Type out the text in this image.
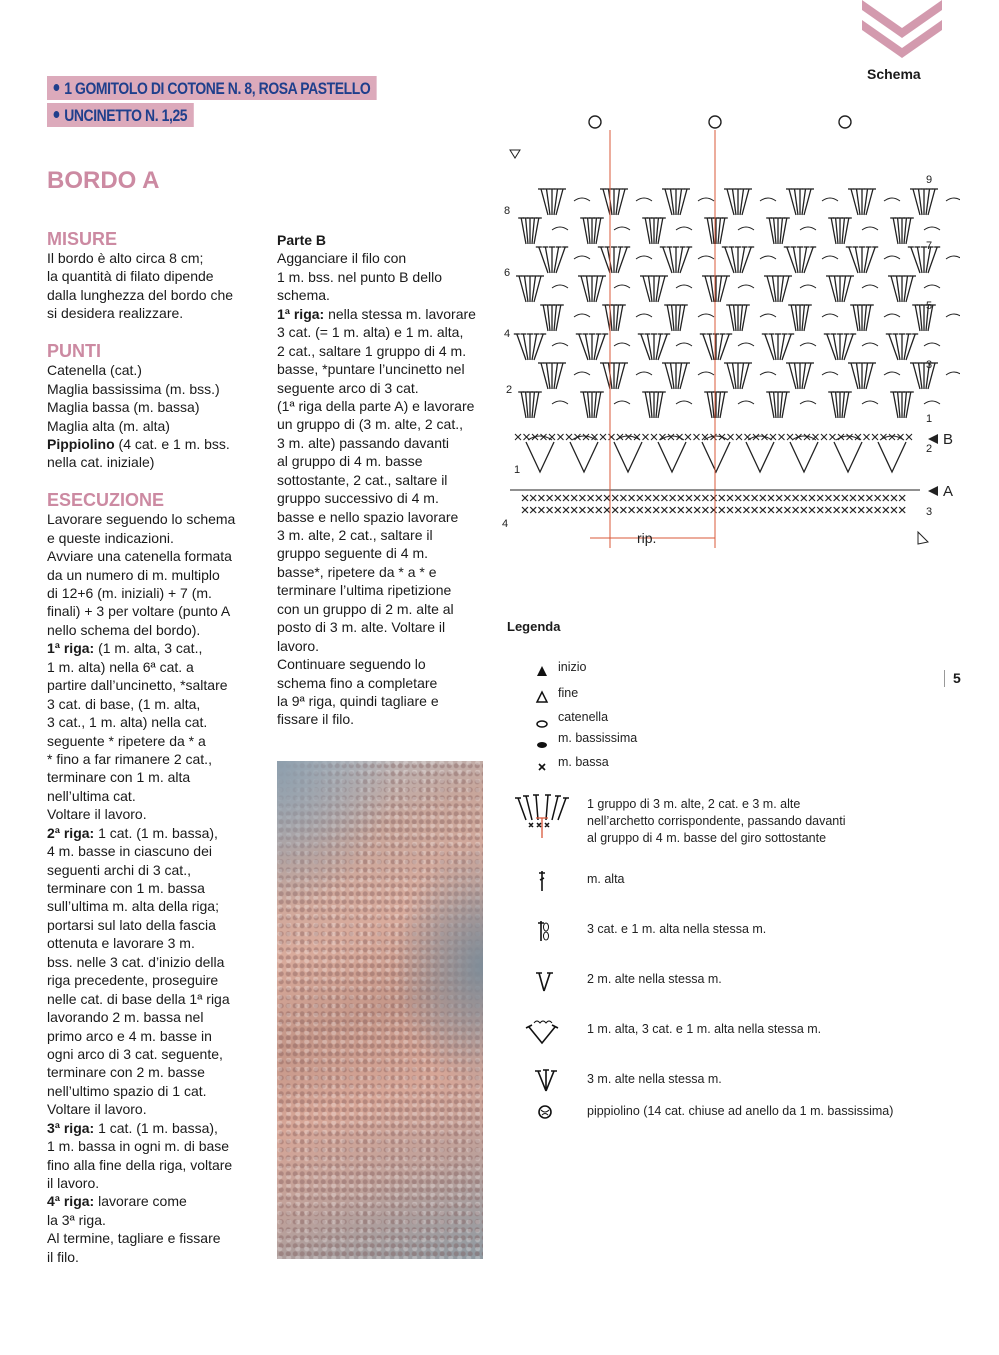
1 GOMITOLO DI COTONE N. 8, ROSA PASTELLO
UNCINETTO N. 1,25
BORDO A
MISURE
Il bordo è alto circa 8 cm;
la quantità di filato dipende
dalla lunghezza del bordo che
si desidera realizzare.
PUNTI
Catenella (cat.)
Maglia bassissima (m. bss.)
Maglia bassa (m. bassa)
Maglia alta (m. alta)
Pippiolino (4 cat. e 1 m. bss.
nella cat. iniziale)
ESECUZIONE
Lavorare seguendo lo schema
e queste indicazioni.
Avviare una catenella formata
da un numero di m. multiplo
di 12+6 (m. iniziali) + 7 (m.
finali) + 3 per voltare (punto A
nello schema del bordo).
1ª riga: (1 m. alta, 3 cat.,
1 m. alta) nella 6ª cat. a
partire dall’uncinetto, *saltare
3 cat. di base, (1 m. alta,
3 cat., 1 m. alta) nella cat.
seguente * ripetere da * a
* fino a far rimanere 2 cat.,
terminare con 1 m. alta
nell’ultima cat.
Voltare il lavoro.
2ª riga: 1 cat. (1 m. bassa),
4 m. basse in ciascuno dei
seguenti archi di 3 cat.,
terminare con 1 m. bassa
sull’ultima m. alta della riga;
portarsi sul lato della fascia
ottenuta e lavorare 3 m.
bss. nelle 3 cat. d’inizio della
riga precedente, proseguire
nelle cat. di base della 1ª riga
lavorando 2 m. bassa nel
primo arco e 4 m. basse in
ogni arco di 3 cat. seguente,
terminare con 2 m. basse
nell’ultimo spazio di 1 cat.
Voltare il lavoro.
3ª riga: 1 cat. (1 m. bassa),
1 m. bassa in ogni m. di base
fino alla fine della riga, voltare
il lavoro.
4ª riga: lavorare come
la 3ª riga.
Al termine, tagliare e fissare
il filo.
Parte B
Agganciare il filo con
1 m. bss. nel punto B dello
schema.
1ª riga: nella stessa m. lavorare
3 cat. (= 1 m. alta) e 1 m. alta,
2 cat., saltare 1 gruppo di 4 m.
basse, *puntare l’uncinetto nel
seguente arco di 3 cat.
(1ª riga della parte A) e lavorare
un gruppo di (3 m. alte, 2 cat.,
3 m. alte) passando davanti
al gruppo di 4 m. basse
sottostante, 2 cat., saltare il
gruppo successivo di 4 m.
basse e nello spazio lavorare
3 m. alte, 2 cat., saltare il
gruppo seguente di 4 m.
basse*, ripetere da * a * e
terminare l’ultima ripetizione
con un gruppo di 2 m. alte al
posto di 3 m. alte. Voltare il
lavoro.
Continuare seguendo lo
schema fino a completare
la 9ª riga, quindi tagliare e
fissare il filo.
Schema
5
8
6
4
2
1
4
9
7
5
3
1
2
3
B
A
rip.
Legenda
inizio
fine
catenella
m. bassissima
m. bassa
1 gruppo di 3 m. alte, 2 cat. e 3 m. alte
nell’archetto corrispondente, passando davanti
al gruppo di 4 m. basse del giro sottostante
m. alta
3 cat. e 1 m. alta nella stessa m.
2 m. alte nella stessa m.
1 m. alta, 3 cat. e 1 m. alta nella stessa m.
3 m. alte nella stessa m.
pippiolino (14 cat. chiuse ad anello da 1 m. bassissima)
